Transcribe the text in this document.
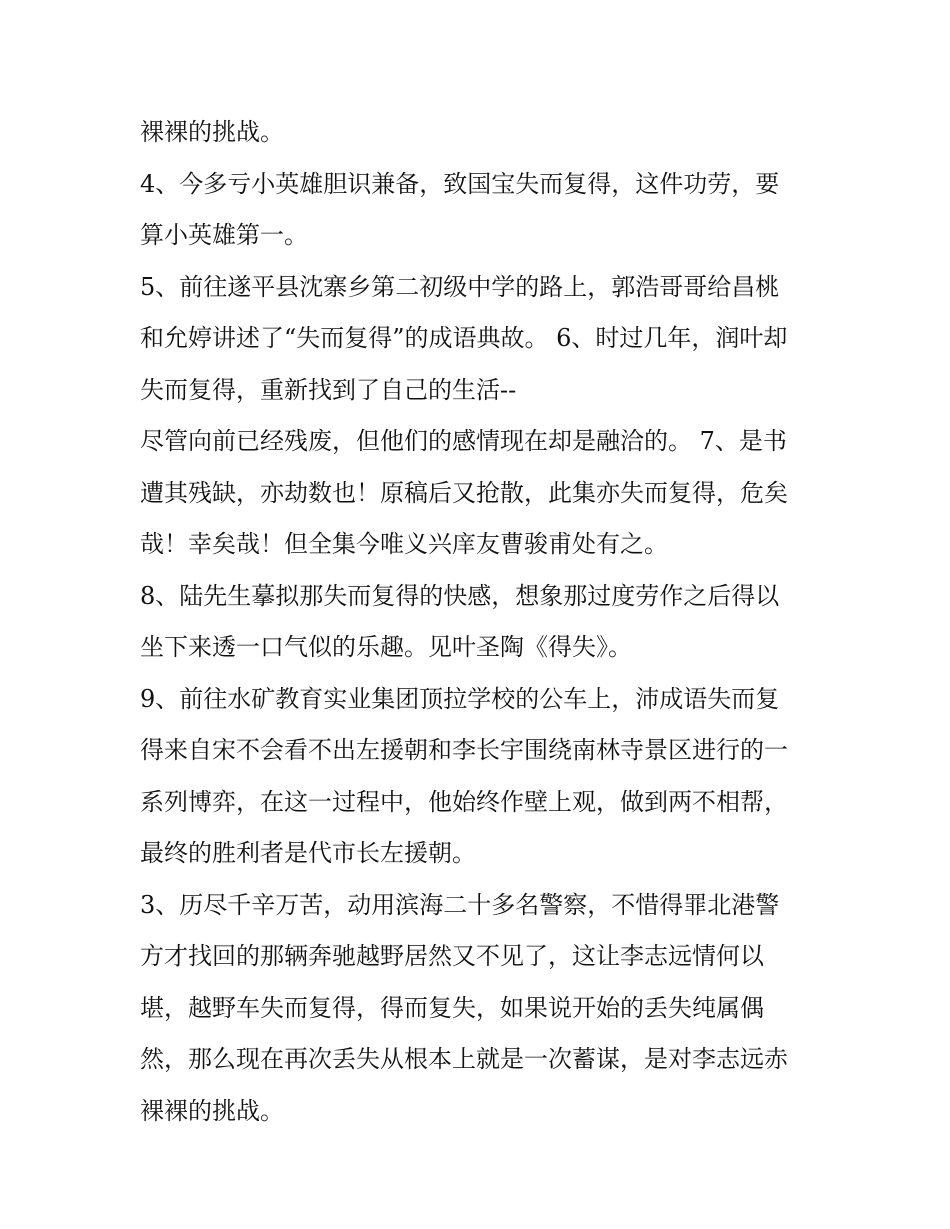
裸裸的挑战。
4、今多亏小英雄胆识兼备，致国宝失而复得，这件功劳，要
算小英雄第一。
5、前往遂平县沈寨乡第二初级中学的路上，郭浩哥哥给昌桃
和允婷讲述了“失而复得”的成语典故。 6、时过几年，润叶却
失而复得，重新找到了自己的生活--
尽管向前已经残废，但他们的感情现在却是融洽的。 7、是书
遭其残缺，亦劫数也！原稿后又抢散，此集亦失而复得，危矣
哉！幸矣哉！但全集今唯义兴庠友曹骏甫处有之。
8、陆先生摹拟那失而复得的快感，想象那过度劳作之后得以
坐下来透一口气似的乐趣。见叶圣陶《得失》。
9、前往水矿教育实业集团顶拉学校的公车上，沛成语失而复
得来自宋不会看不出左援朝和李长宇围绕南林寺景区进行的一
系列博弈，在这一过程中，他始终作壁上观，做到两不相帮，
最终的胜利者是代市长左援朝。
3、历尽千辛万苦，动用滨海二十多名警察，不惜得罪北港警
方才找回的那辆奔驰越野居然又不见了，这让李志远情何以
堪，越野车失而复得，得而复失，如果说开始的丢失纯属偶
然，那么现在再次丢失从根本上就是一次蓄谋，是对李志远赤
裸裸的挑战。
